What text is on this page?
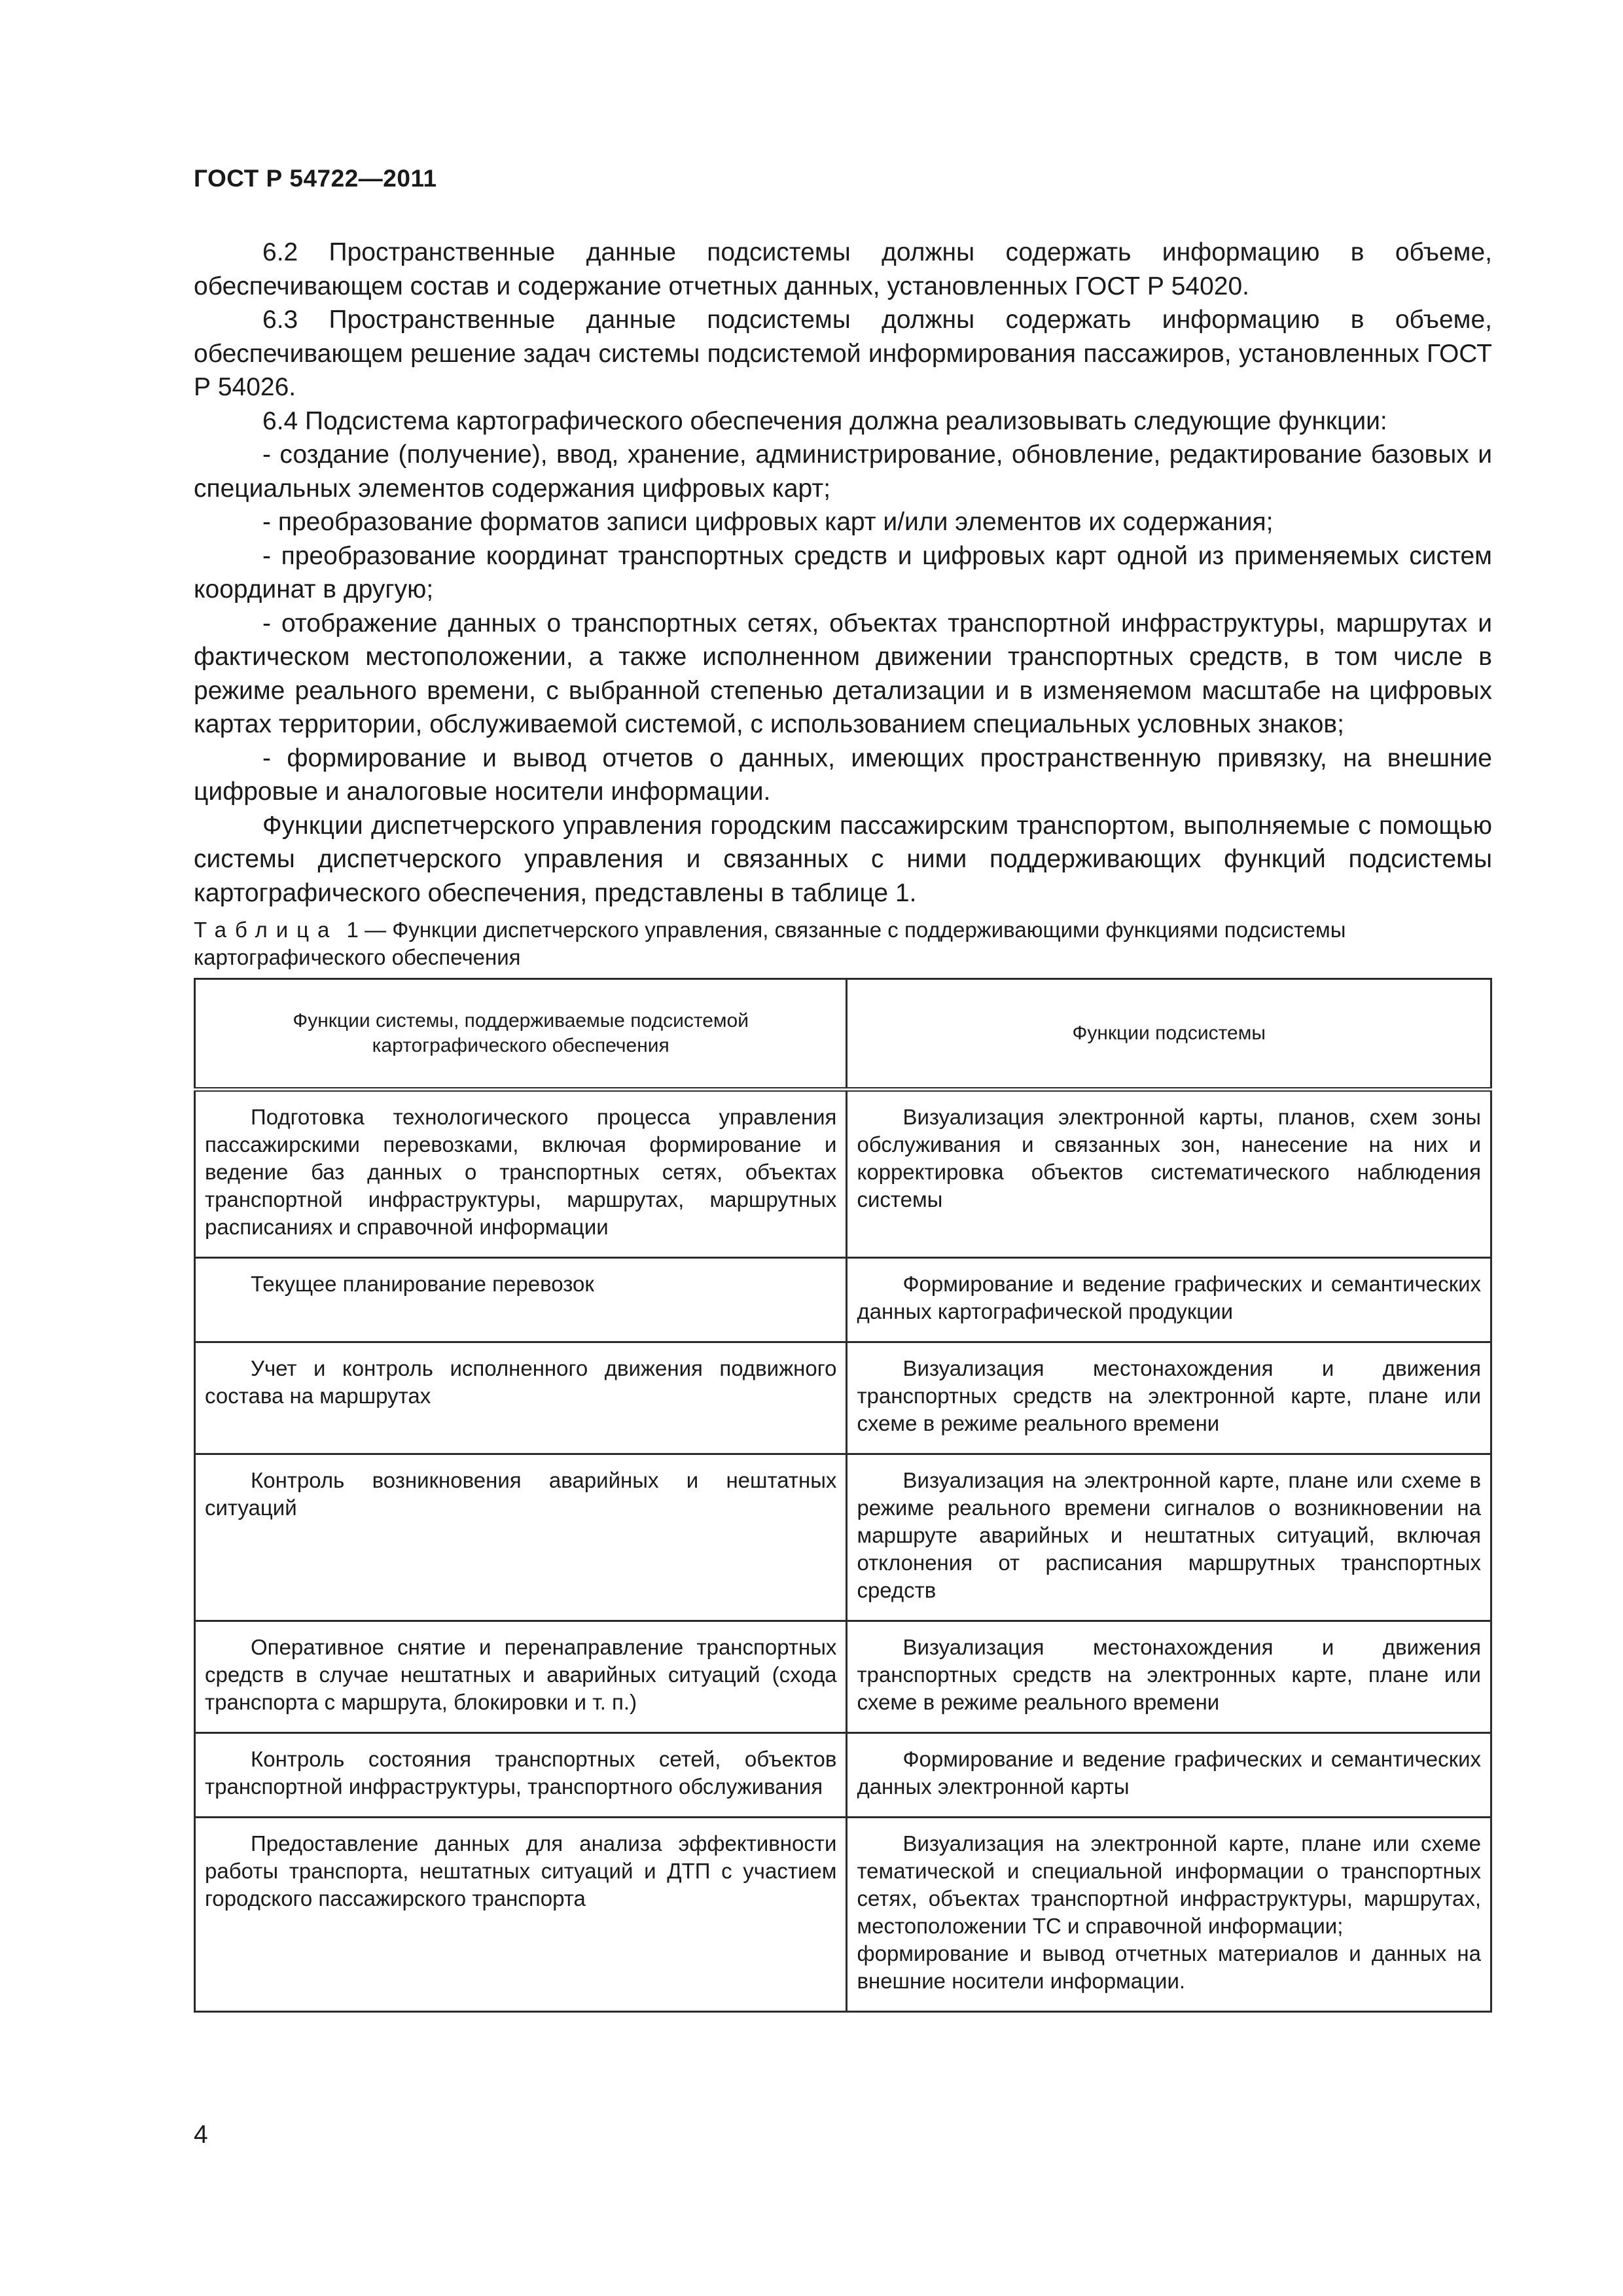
ГОСТ Р 54722—2011

6.2 Пространственные данные подсистемы должны содержать информацию в объеме, обеспечивающем состав и содержание отчетных данных, установленных ГОСТ Р 54020.

6.3 Пространственные данные подсистемы должны содержать информацию в объеме, обеспечивающем решение задач системы подсистемой информирования пассажиров, установленных ГОСТ Р 54026.

6.4 Подсистема картографического обеспечения должна реализовывать следующие функции:

- создание (получение), ввод, хранение, администрирование, обновление, редактирование базовых и специальных элементов содержания цифровых карт;

- преобразование форматов записи цифровых карт и/или элементов их содержания;

- преобразование координат транспортных средств и цифровых карт одной из применяемых систем координат в другую;

- отображение данных о транспортных сетях, объектах транспортной инфраструктуры, маршрутах и фактическом местоположении, а также исполненном движении транспортных средств, в том числе в режиме реального времени, с выбранной степенью детализации и в изменяемом масштабе на цифровых картах территории, обслуживаемой системой, с использованием специальных условных знаков;

- формирование и вывод отчетов о данных, имеющих пространственную привязку, на внешние цифровые и аналоговые носители информации.

Функции диспетчерского управления городским пассажирским транспортом, выполняемые с помощью системы диспетчерского управления и связанных с ними поддерживающих функций подсистемы картографического обеспечения, представлены в таблице 1.

Таблица 1 — Функции диспетчерского управления, связанные с поддерживающими функциями подсистемы картографического обеспечения
Функции системы, поддерживаемые подсистемой картографического обеспечения	Функции подсистемы

Подготовка технологического процесса управления пассажирскими перевозками, включая формирование и ведение баз данных о транспортных сетях, объектах транспортной инфраструктуры, маршрутах, маршрутных расписаниях и справочной информации	Визуализация электронной карты, планов, схем зоны обслуживания и связанных зон, нанесение на них и корректировка объектов систематического наблюдения системы

Текущее планирование перевозок	Формирование и ведение графических и семантических данных картографической продукции

Учет и контроль исполненного движения подвижного состава на маршрутах	Визуализация местонахождения и движения транспортных средств на электронной карте, плане или схеме в режиме реального времени

Контроль возникновения аварийных и нештатных ситуаций	Визуализация на электронной карте, плане или схеме в режиме реального времени сигналов о возникновении на маршруте аварийных и нештатных ситуаций, включая отклонения от расписания маршрутных транспортных средств

Оперативное снятие и перенаправление транспортных средств в случае нештатных и аварийных ситуаций (схода транспорта с маршрута, блокировки и т. п.)	Визуализация местонахождения и движения транспортных средств на электронных карте, плане или схеме в режиме реального времени

Контроль состояния транспортных сетей, объектов транспортной инфраструктуры, транспортного обслуживания	Формирование и ведение графических и семантических данных электронной карты

Предоставление данных для анализа эффективности работы транспорта, нештатных ситуаций и ДТП с участием городского пассажирского транспорта	Визуализация на электронной карте, плане или схеме тематической и специальной информации о транспортных сетях, объектах транспортной инфраструктуры, маршрутах, местоположении ТС и справочной информации;

формирование и вывод отчетных материалов и данных на внешние носители информации.

4
